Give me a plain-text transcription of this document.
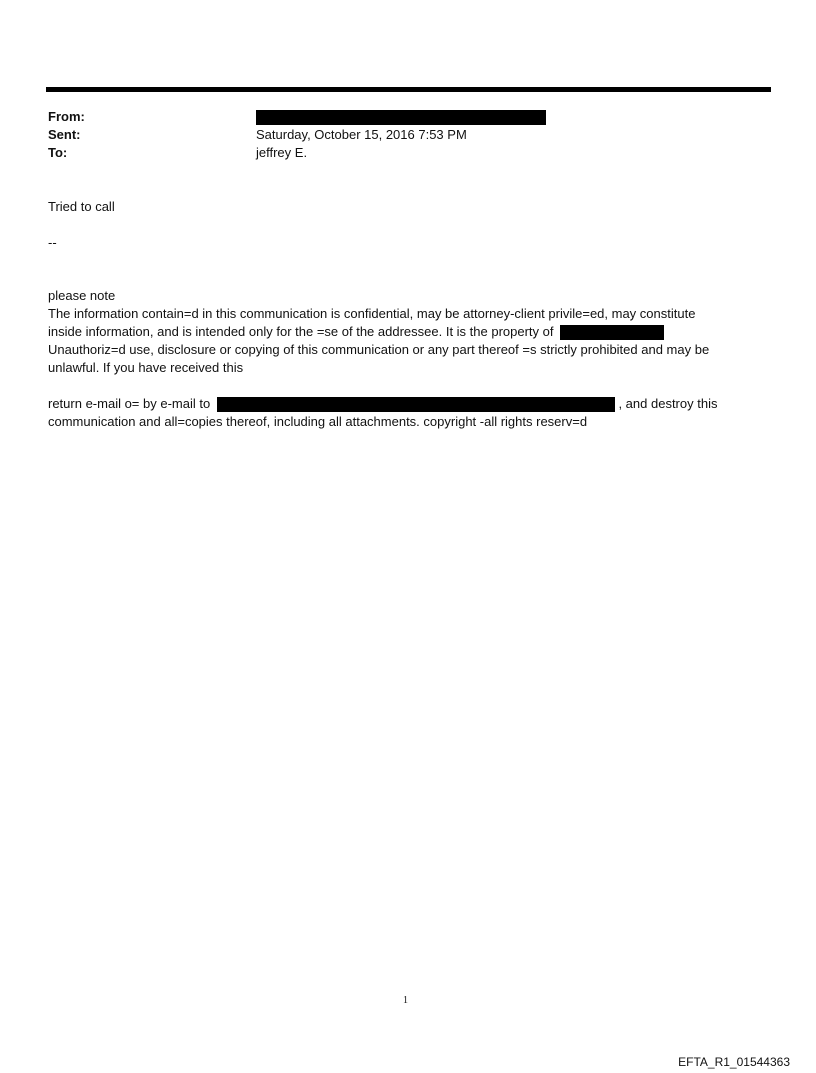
From:
Sent:	Saturday, October 15, 2016 7:53 PM
To:	jeffrey E.
Tried to call
--
please note
The information contain=d in this communication is confidential, may be attorney-client privile=ed, may constitute
inside information, and is intended only for the =se of the addressee. It is the property of
Unauthoriz=d use, disclosure or copying of this communication or any part thereof =s strictly prohibited and may be
unlawful. If you have received this
return e-mail o= by e-mail to	, and destroy this
communication and all=copies thereof, including all attachments. copyright -all rights reserv=d
1
EFTA_R1_01544363
